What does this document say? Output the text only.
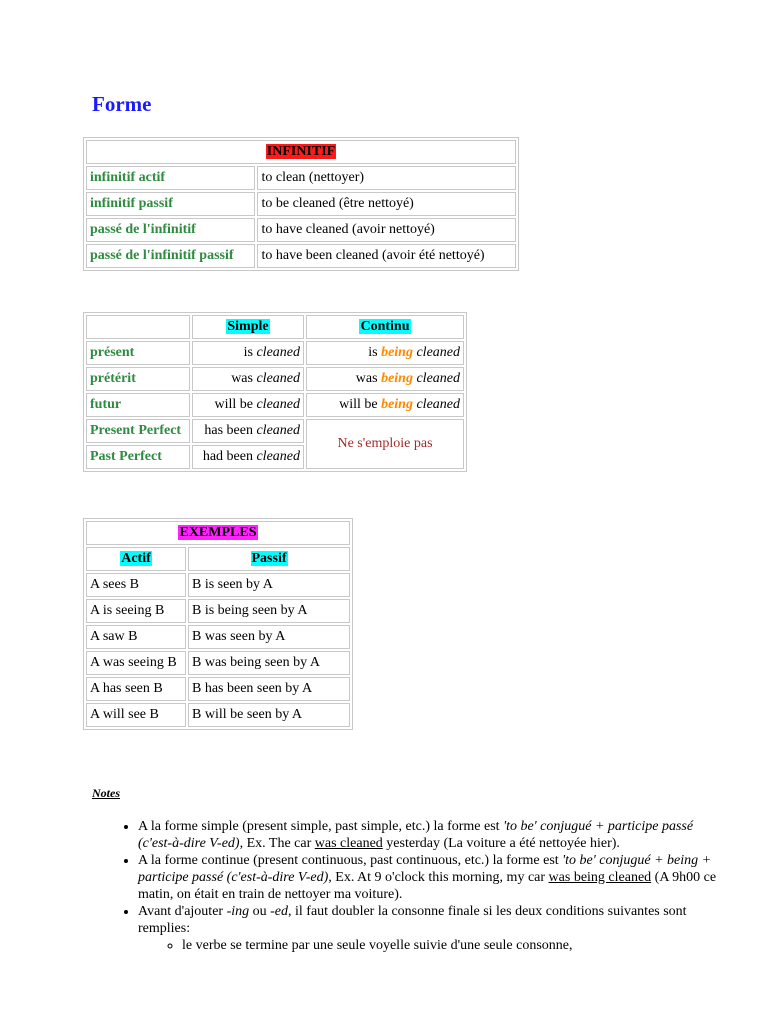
Forme
INFINITIF	
infinitif actif	to clean (nettoyer)
infinitif passif	to be cleaned (être nettoyé)
passé de l'infinitif	to have cleaned (avoir nettoyé)
passé de l'infinitif passif	to have been cleaned (avoir été nettoyé)
	Simple	Continu
présent	is cleaned	is being cleaned
prétérit	was cleaned	was being cleaned
futur	will be cleaned	will be being cleaned
Present Perfect	has been cleaned	Ne s'emploie pas
Past Perfect	had been cleaned	
EXEMPLES	
Actif	Passif
A sees B	B is seen by A
A is seeing B	B is being seen by A
A saw B	B was seen by A
A was seeing B	B was being seen by A
A has seen B	B has been seen by A
A will see B	B will be seen by A
Notes
• A la forme simple (present simple, past simple, etc.) la forme est 'to be' conjugué + participe passé (c'est-à-dire V-ed), Ex. The car was cleaned yesterday (La voiture a été nettoyée hier).
• A la forme continue (present continuous, past continuous, etc.) la forme est 'to be' conjugué + being + participe passé (c'est-à-dire V-ed), Ex. At 9 o'clock this morning, my car was being cleaned (A 9h00 ce matin, on était en train de nettoyer ma voiture).
• Avant d'ajouter -ing ou -ed, il faut doubler la consonne finale si les deux conditions suivantes sont remplies:
◦ le verbe se termine par une seule voyelle suivie d'une seule consonne,
